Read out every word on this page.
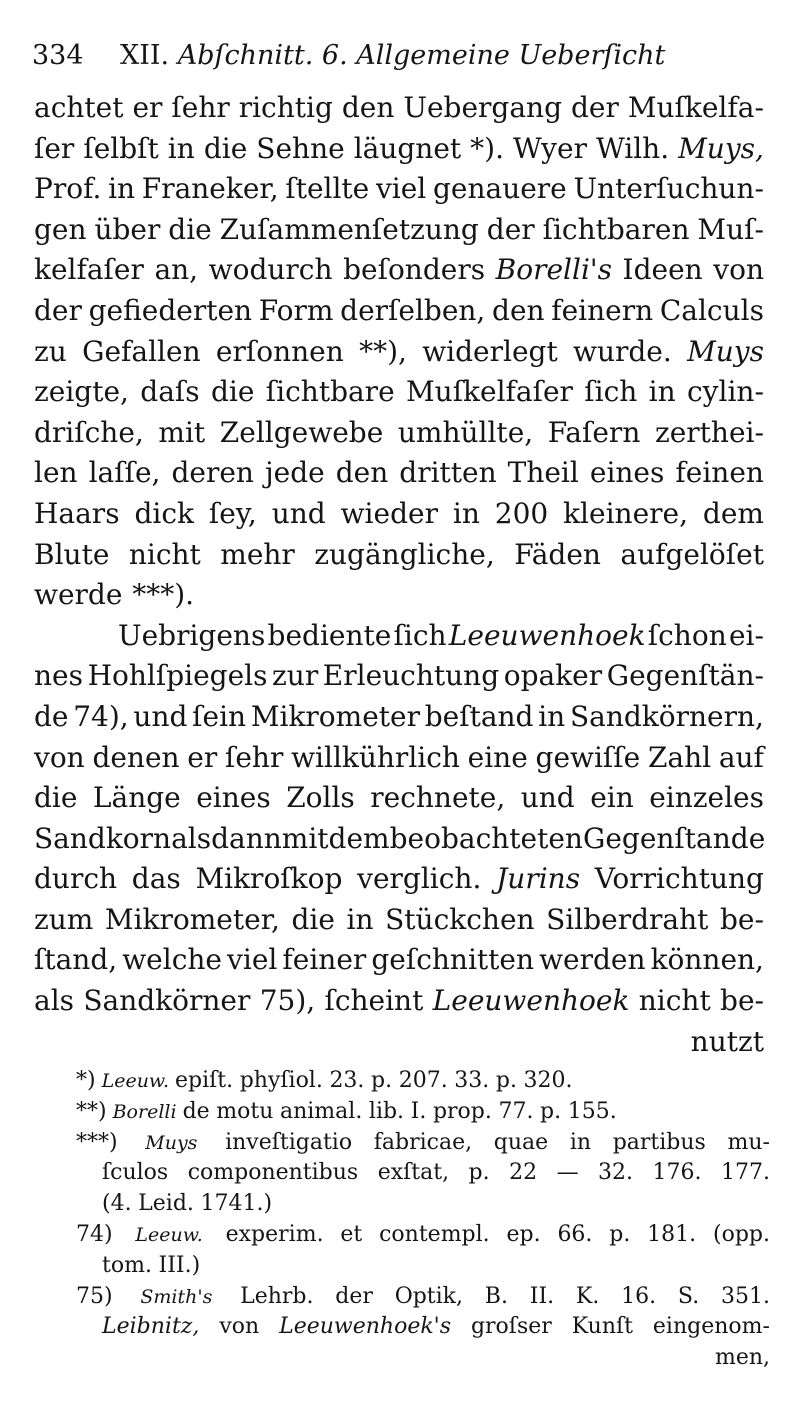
334 XII. Abſchnitt. 6. Allgemeine Ueberſicht
achtet er ſehr richtig den Uebergang der Muſkelfa-
ſer ſelbſt in die Sehne läugnet *). Wyer Wilh. Muys,
Prof. in Franeker, ſtellte viel genauere Unterſuchun-
gen über die Zuſammenſetzung der ſichtbaren Muſ-
kelfaſer an, wodurch beſonders Borelli's Ideen von
der gefiederten Form derſelben, den feinern Calculs
zu Gefallen erſonnen **), widerlegt wurde. Muys
zeigte, daſs die ſichtbare Muſkelfaſer ſich in cylin-
driſche, mit Zellgewebe umhüllte, Faſern zerthei-
len laſſe, deren jede den dritten Theil eines feinen
Haars dick ſey, und wieder in 200 kleinere, dem
Blute nicht mehr zugängliche, Fäden aufgelöſet
werde ***).
Uebrigens bediente ſich Leeuwenhoek ſchon ei-
nes Hohlſpiegels zur Erleuchtung opaker Gegenſtän-
de 74), und ſein Mikrometer beſtand in Sandkörnern,
von denen er ſehr willkührlich eine gewiſſe Zahl auf
die Länge eines Zolls rechnete, und ein einzeles
Sandkorn alsdann mit dem beobachteten Gegenſtande
durch das Mikroſkop verglich. Jurins Vorrichtung
zum Mikrometer, die in Stückchen Silberdraht be-
ſtand, welche viel feiner geſchnitten werden können,
als Sandkörner 75), ſcheint Leeuwenhoek nicht be-
nutzt
*) Leeuw. epiſt. phyſiol. 23. p. 207. 33. p. 320.
**) Borelli de motu animal. lib. I. prop. 77. p. 155.
***) Muys inveſtigatio fabricae, quae in partibus mu-
ſculos componentibus exſtat, p. 22 — 32. 176. 177.
(4. Leid. 1741.)
74) Leeuw. experim. et contempl. ep. 66. p. 181. (opp.
tom. III.)
75) Smith's Lehrb. der Optik, B. II. K. 16. S. 351.
Leibnitz, von Leeuwenhoek's groſser Kunſt eingenom-
men,
